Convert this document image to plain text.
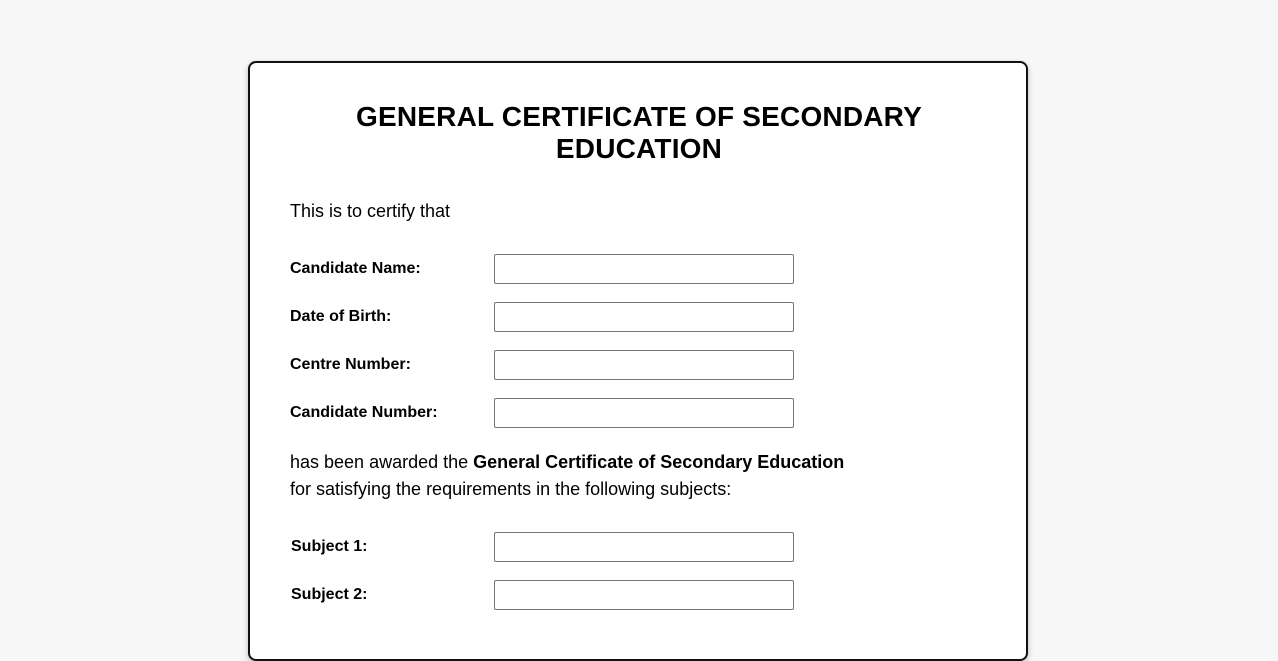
GENERAL CERTIFICATE OF SECONDARY
EDUCATION

This is to certify that

Candidate Name:
Date of Birth:
Centre Number:
Candidate Number:

has been awarded the General Certificate of Secondary Education
for satisfying the requirements in the following subjects:

Subject 1:
Subject 2:
